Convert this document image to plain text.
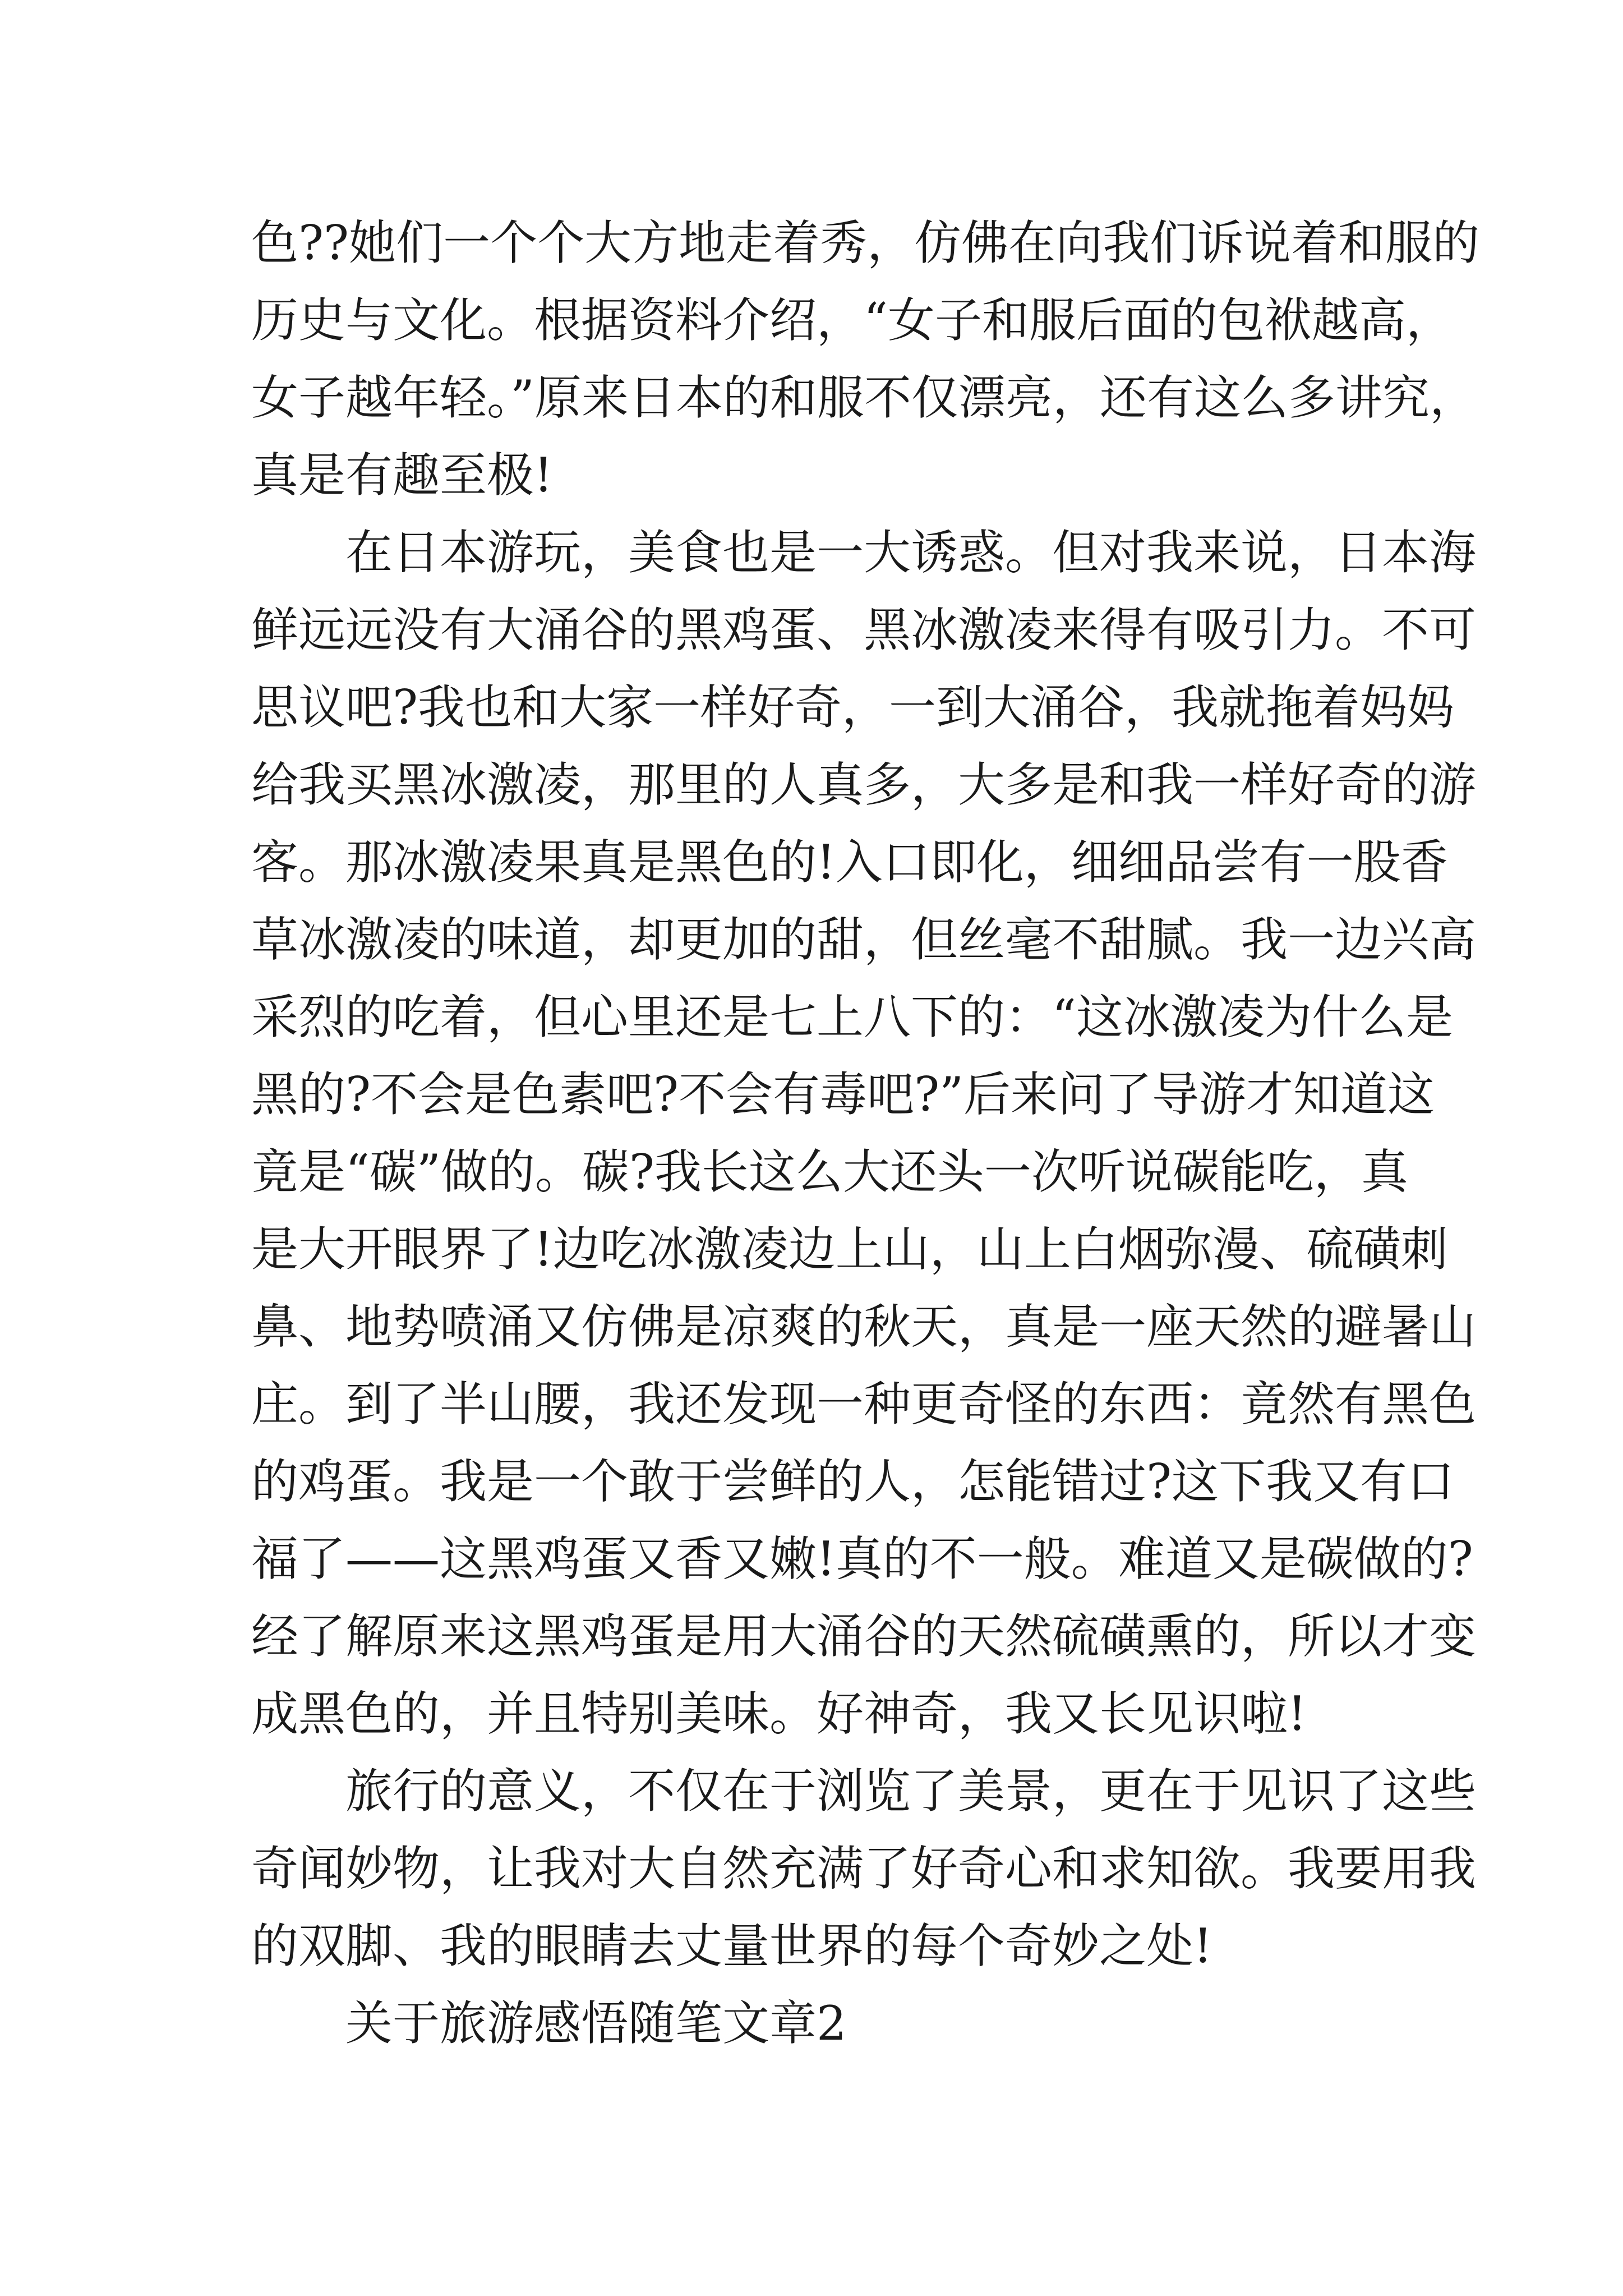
色??她们一个个大方地走着秀，仿佛在向我们诉说着和服的
历史与文化。根据资料介绍，“女子和服后面的包袱越高，
女子越年轻。”原来日本的和服不仅漂亮，还有这么多讲究，
真是有趣至极!
　　在日本游玩，美食也是一大诱惑。但对我来说，日本海
鲜远远没有大涌谷的黑鸡蛋、黑冰激凌来得有吸引力。不可
思议吧?我也和大家一样好奇，一到大涌谷，我就拖着妈妈
给我买黑冰激凌，那里的人真多，大多是和我一样好奇的游
客。那冰激凌果真是黑色的!入口即化，细细品尝有一股香
草冰激凌的味道，却更加的甜，但丝毫不甜腻。我一边兴高
采烈的吃着，但心里还是七上八下的：“这冰激凌为什么是
黑的?不会是色素吧?不会有毒吧?”后来问了导游才知道这
竟是“碳”做的。碳?我长这么大还头一次听说碳能吃，真
是大开眼界了!边吃冰激凌边上山，山上白烟弥漫、硫磺刺
鼻、地势喷涌又仿佛是凉爽的秋天，真是一座天然的避暑山
庄。到了半山腰，我还发现一种更奇怪的东西：竟然有黑色
的鸡蛋。我是一个敢于尝鲜的人，怎能错过?这下我又有口
福了——这黑鸡蛋又香又嫩!真的不一般。难道又是碳做的?
经了解原来这黑鸡蛋是用大涌谷的天然硫磺熏的，所以才变
成黑色的，并且特别美味。好神奇，我又长见识啦!
　　旅行的意义，不仅在于浏览了美景，更在于见识了这些
奇闻妙物，让我对大自然充满了好奇心和求知欲。我要用我
的双脚、我的眼睛去丈量世界的每个奇妙之处!
　　关于旅游感悟随笔文章2
